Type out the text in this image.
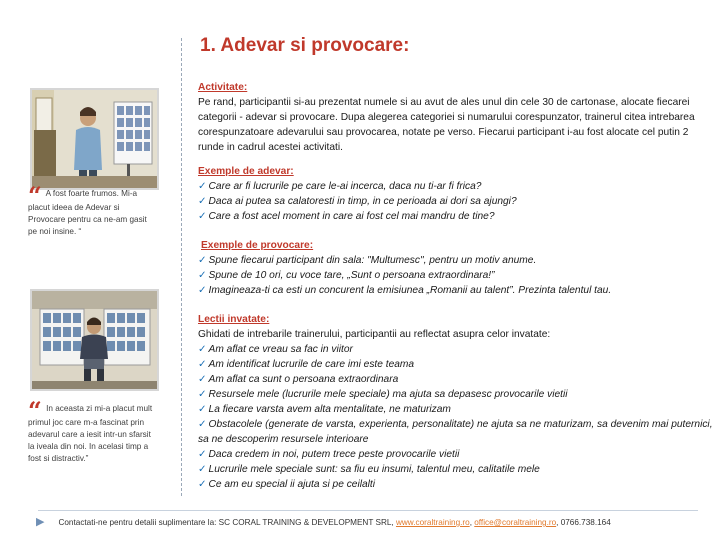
“ A fost foarte frumos. Mi-a placut ideea de Adevar si Provocare pentru ca ne-am gasit pe noi insine. “
“ In aceasta zi mi-a placut mult primul joc care m-a fascinat prin adevarul care a iesit intr-un sfarsit la iveala din noi. In acelasi timp a fost si distractiv.”
1. Adevar si provocare:
Activitate:
Pe rand, participantii si-au prezentat numele si au avut de ales unul din cele 30 de cartonase, alocate fiecarei categorii - adevar si provocare. Dupa alegerea categoriei si numarului corespunzator, trainerul citea intrebarea corespunzatoare adevarului sau provocarea, notate pe verso. Fiecarui participant i-au fost alocate cel putin 2 runde in cadrul acestei activitati.
Exemple de adevar:
✓ Care ar fi lucrurile pe care le-ai incerca, daca nu ti-ar fi frica?
✓ Daca ai putea sa calatoresti in timp, in ce perioada ai dori sa ajungi?
✓ Care a fost acel moment in care ai fost cel mai mandru de tine?
Exemple de provocare:
✓ Spune fiecarui participant din sala: "Multumesc", pentru un motiv anume.
✓ Spune de 10 ori, cu voce tare, „Sunt o persoana extraordinara!”
✓ Imagineaza-ti ca esti un concurent la emisiunea „Romanii au talent”. Prezinta talentul tau.
Lectii invatate:
Ghidati de intrebarile trainerului, participantii au reflectat asupra celor invatate:
✓ Am aflat ce vreau sa fac in viitor
✓ Am identificat lucrurile de care imi este teama
✓ Am aflat ca sunt o persoana extraordinara
✓ Resursele mele (lucrurile mele speciale) ma ajuta sa depasesc provocarile vietii
✓ La fiecare varsta avem alta mentalitate, ne maturizam
✓ Obstacolele (generate de varsta, experienta, personalitate) ne ajuta sa ne maturizam, sa devenim mai puternici, sa ne descoperim resursele interioare
✓ Daca credem in noi, putem trece peste provocarile vietii
✓ Lucrurile mele speciale sunt: sa fiu eu insumi, talentul meu, calitatile mele
✓ Ce am eu special ii ajuta si pe ceilalti
▶ Contactati-ne pentru detalii suplimentare la: SC CORAL TRAINING & DEVELOPMENT SRL, www.coraltraining.ro, office@coraltraining.ro, 0766.738.164
